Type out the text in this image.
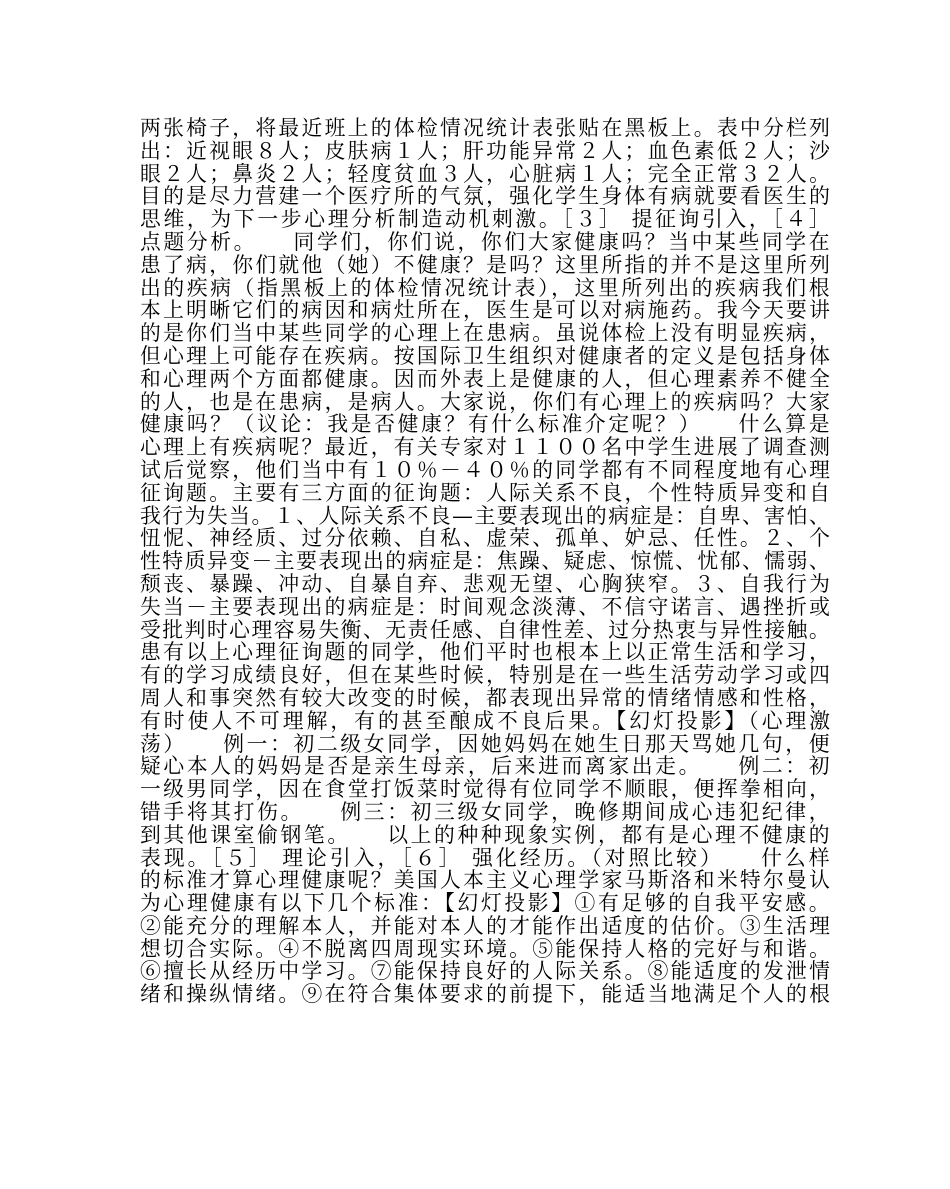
两张椅子，将最近班上的体检情况统计表张贴在黑板上。表中分栏列
出：近视眼８人；皮肤病１人；肝功能异常２人；血色素低２人；沙
眼２人；鼻炎２人；轻度贫血３人，心脏病１人；完全正常３２人。
目的是尽力营建一个医疗所的气氛，强化学生身体有病就要看医生的
思维，为下一步心理分析制造动机刺激。［３］ 提征询引入，［４］
点题分析。　　同学们，你们说，你们大家健康吗？当中某些同学在
患了病，你们就他（她）不健康？是吗？这里所指的并不是这里所列
出的疾病（指黑板上的体检情况统计表），这里所列出的疾病我们根
本上明晰它们的病因和病灶所在，医生是可以对病施药。我今天要讲
的是你们当中某些同学的心理上在患病。虽说体检上没有明显疾病，
但心理上可能存在疾病。按国际卫生组织对健康者的定义是包括身体
和心理两个方面都健康。因而外表上是健康的人，但心理素养不健全
的人，也是在患病，是病人。大家说，你们有心理上的疾病吗？大家
健康吗？（议论：我是否健康？有什么标准介定呢？）　　什么算是
心理上有疾病呢？最近，有关专家对１１００名中学生进展了调查测
试后觉察，他们当中有１０％－４０％的同学都有不同程度地有心理
征询题。主要有三方面的征询题：人际关系不良，个性特质异变和自
我行为失当。１、人际关系不良—主要表现出的病症是：自卑、害怕、
忸怩、神经质、过分依赖、自私、虚荣、孤单、妒忌、任性。２、个
性特质异变－主要表现出的病症是：焦躁、疑虑、惊慌、忧郁、懦弱、
颓丧、暴躁、冲动、自暴自弃、悲观无望、心胸狭窄。３、自我行为
失当－主要表现出的病症是：时间观念淡薄、不信守诺言、遇挫折或
受批判时心理容易失衡、无责任感、自律性差、过分热衷与异性接触。
患有以上心理征询题的同学，他们平时也根本上以正常生活和学习，
有的学习成绩良好，但在某些时候，特别是在一些生活劳动学习或四
周人和事突然有较大改变的时候，都表现出异常的情绪情感和性格，
有时使人不可理解，有的甚至酿成不良后果。【幻灯投影】（心理激
荡）　　例一：初二级女同学，因她妈妈在她生日那天骂她几句，便
疑心本人的妈妈是否是亲生母亲，后来进而离家出走。　　例二：初
一级男同学，因在食堂打饭菜时觉得有位同学不顺眼，便挥拳相向，
错手将其打伤。　　例三：初三级女同学，晚修期间成心违犯纪律，
到其他课室偷钢笔。　　以上的种种现象实例，都有是心理不健康的
表现。［５］ 理论引入，［６］ 强化经历。（对照比较）　　什么样
的标准才算心理健康呢？美国人本主义心理学家马斯洛和米特尔曼认
为心理健康有以下几个标准：【幻灯投影】①有足够的自我平安感。
②能充分的理解本人，并能对本人的才能作出适度的估价。③生活理
想切合实际。④不脱离四周现实环境。⑤能保持人格的完好与和谐。
⑥擅长从经历中学习。⑦能保持良好的人际关系。⑧能适度的发泄情
绪和操纵情绪。⑨在符合集体要求的前提下，能适当地满足个人的根
